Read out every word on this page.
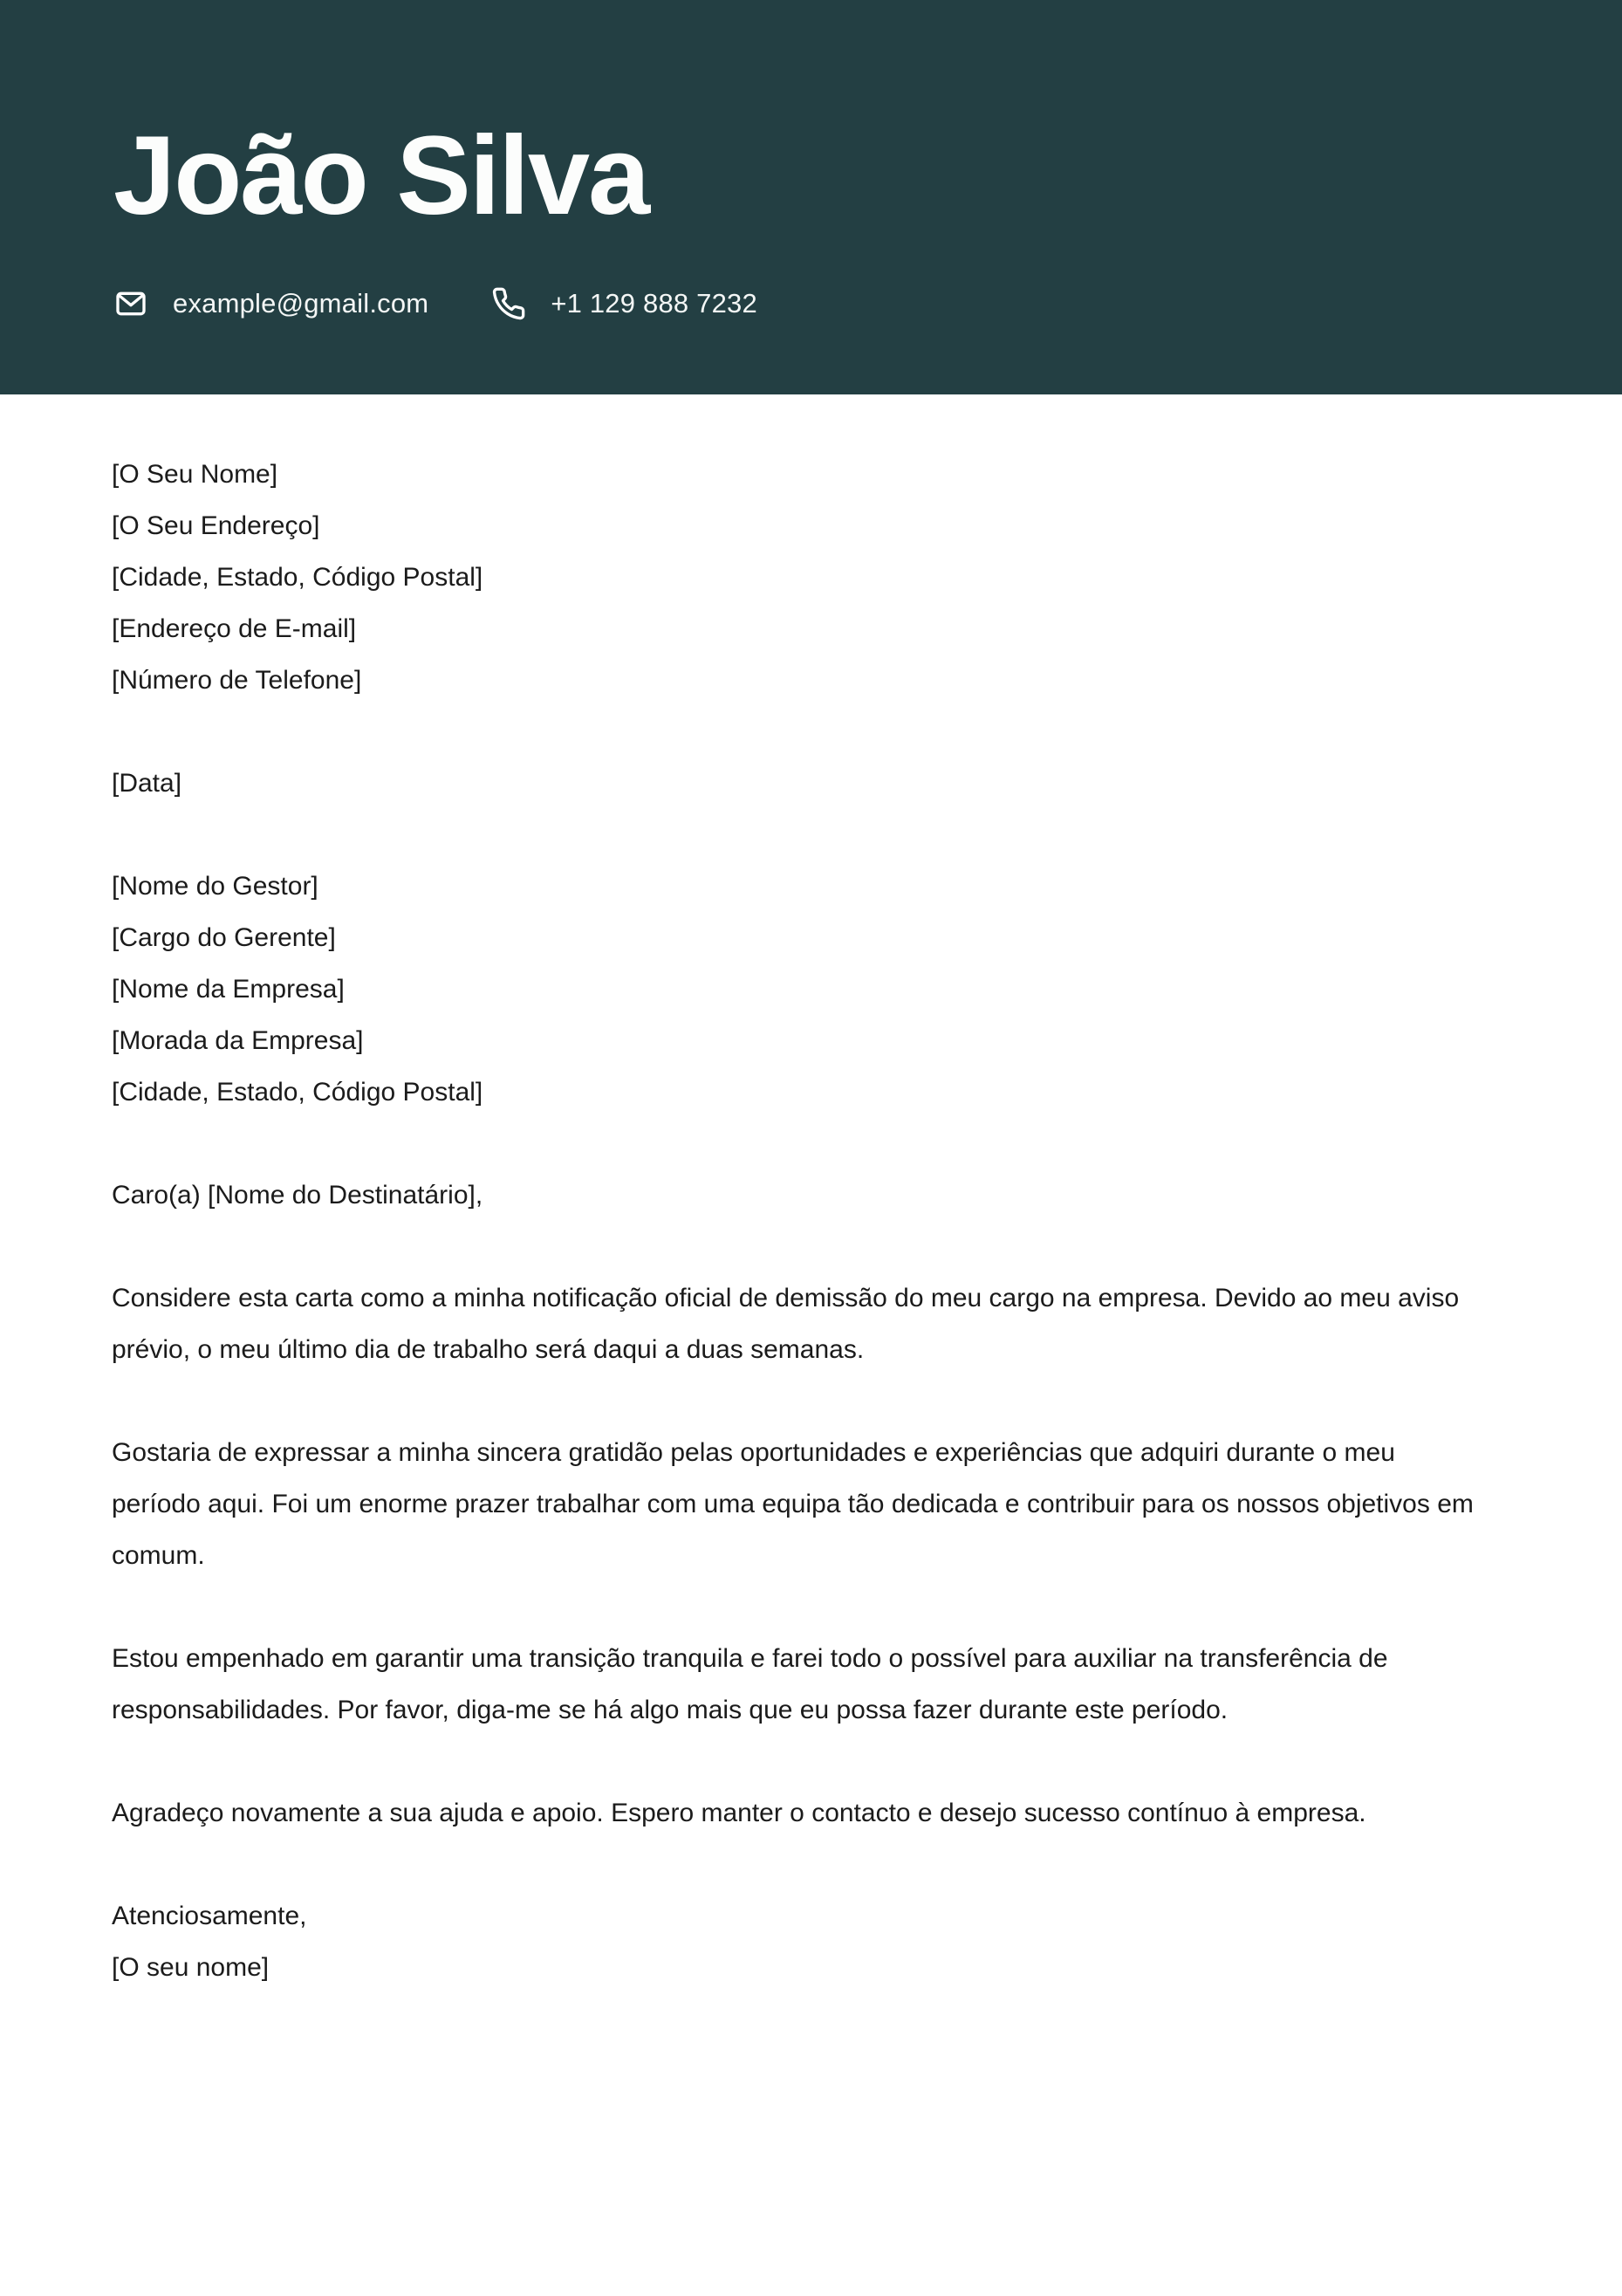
João Silva
example@gmail.com	+1 129 888 7232

[O Seu Nome]

[O Seu Endereço]

[Cidade, Estado, Código Postal]

[Endereço de E-mail]

[Número de Telefone]

[Data]

[Nome do Gestor]

[Cargo do Gerente]

[Nome da Empresa]

[Morada da Empresa]

[Cidade, Estado, Código Postal]

Caro(a) [Nome do Destinatário],

Considere esta carta como a minha notificação oficial de demissão do meu cargo na empresa. Devido ao meu aviso prévio, o meu último dia de trabalho será daqui a duas semanas.

Gostaria de expressar a minha sincera gratidão pelas oportunidades e experiências que adquiri durante o meu período aqui. Foi um enorme prazer trabalhar com uma equipa tão dedicada e contribuir para os nossos objetivos em comum.

Estou empenhado em garantir uma transição tranquila e farei todo o possível para auxiliar na transferência de responsabilidades. Por favor, diga-me se há algo mais que eu possa fazer durante este período.

Agradeço novamente a sua ajuda e apoio. Espero manter o contacto e desejo sucesso contínuo à empresa.

Atenciosamente,

[O seu nome]
